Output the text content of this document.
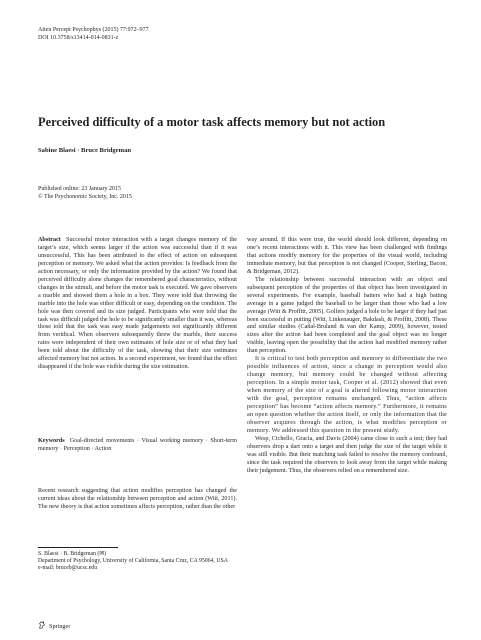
Atten Percept Psychophys (2015) 77:972–977
DOI 10.3758/s13414-014-0831-z
Perceived difficulty of a motor task affects memory but not action
Sabine Blaesi · Bruce Bridgeman
Published online: 23 January 2015
© The Psychonomic Society, Inc. 2015

Abstract Successful motor interaction with a target changes memory of the target’s size, which seems larger if the action was successful than if it was unsuccessful. This has been attributed to the effect of action on subsequent perception or memory. We asked what the action provides: Is feedback from the action necessary, or only the information provided by the action? We found that perceived difficulty alone changes the remembered goal characteristics, without changes in the stimuli, and before the motor task is executed. We gave observers a marble and showed them a hole in a box. They were told that throwing the marble into the hole was either difficult or easy, depending on the condition. The hole was then covered and its size judged. Participants who were told that the task was difficult judged the hole to be significantly smaller than it was, whereas those told that the task was easy made judgements not significantly different from veridical. When observers subsequently threw the marble, their success rates were independent of their own estimates of hole size or of what they had been told about the difficulty of the task, showing that their size estimates affected memory but not action. In a second experiment, we found that the effect disappeared if the hole was visible during the size estimation.

Keywords Goal-directed movements · Visual working memory · Short-term memory · Perception · Action

Recent research suggesting that action modifies perception has changed the current ideas about the relationship between perception and action (Witt, 2011). The new theory is that action sometimes affects perception, rather than the other

S. Blaesi · B. Bridgeman (✉)
Department of Psychology, University of California, Santa Cruz, CA 95064, USA
e-mail: bruceb@ucsc.edu
Springer

way around. If this were true, the world should look different, depending on one’s recent interactions with it. This view has been challenged with findings that actions modify memory for the properties of the visual world, including immediate memory, but that perception is not changed (Cooper, Sterling, Bacon, & Bridgeman, 2012).

The relationship between successful interaction with an object and subsequent perception of the properties of that object has been investigated in several experiments. For example, baseball batters who had a high batting average in a game judged the baseball to be larger than those who had a low average (Witt & Proffitt, 2005). Golfers judged a hole to be larger if they had just been successful in putting (Witt, Linkenauger, Bakdash, & Proffitt, 2008). These and similar studies (Cañal-Bruland & van der Kamp, 2009), however, tested sizes after the action had been completed and the goal object was no longer visible, leaving open the possibility that the action had modified memory rather than perception.

It is critical to test both perception and memory to differentiate the two possible influences of action, since a change in perception would also change memory, but memory could be changed without affecting perception. In a simple motor task, Cooper et al. (2012) showed that even when memory of the size of a goal is altered following motor interaction with the goal, perception remains unchanged. Thus, “action affects perception” has become “action affects memory.” Furthermore, it remains an open question whether the action itself, or only the information that the observer acquires through the action, is what modifies perception or memory. We addressed this question in the present study.

Wesp, Cichello, Gracia, and Davis (2004) came close to such a test; they had observers drop a dart onto a target and then judge the size of the target while it was still visible. But their matching task failed to resolve the memory confound, since the task required the observers to look away from the target while making their judgement. Thus, the observers relied on a remembered size.
